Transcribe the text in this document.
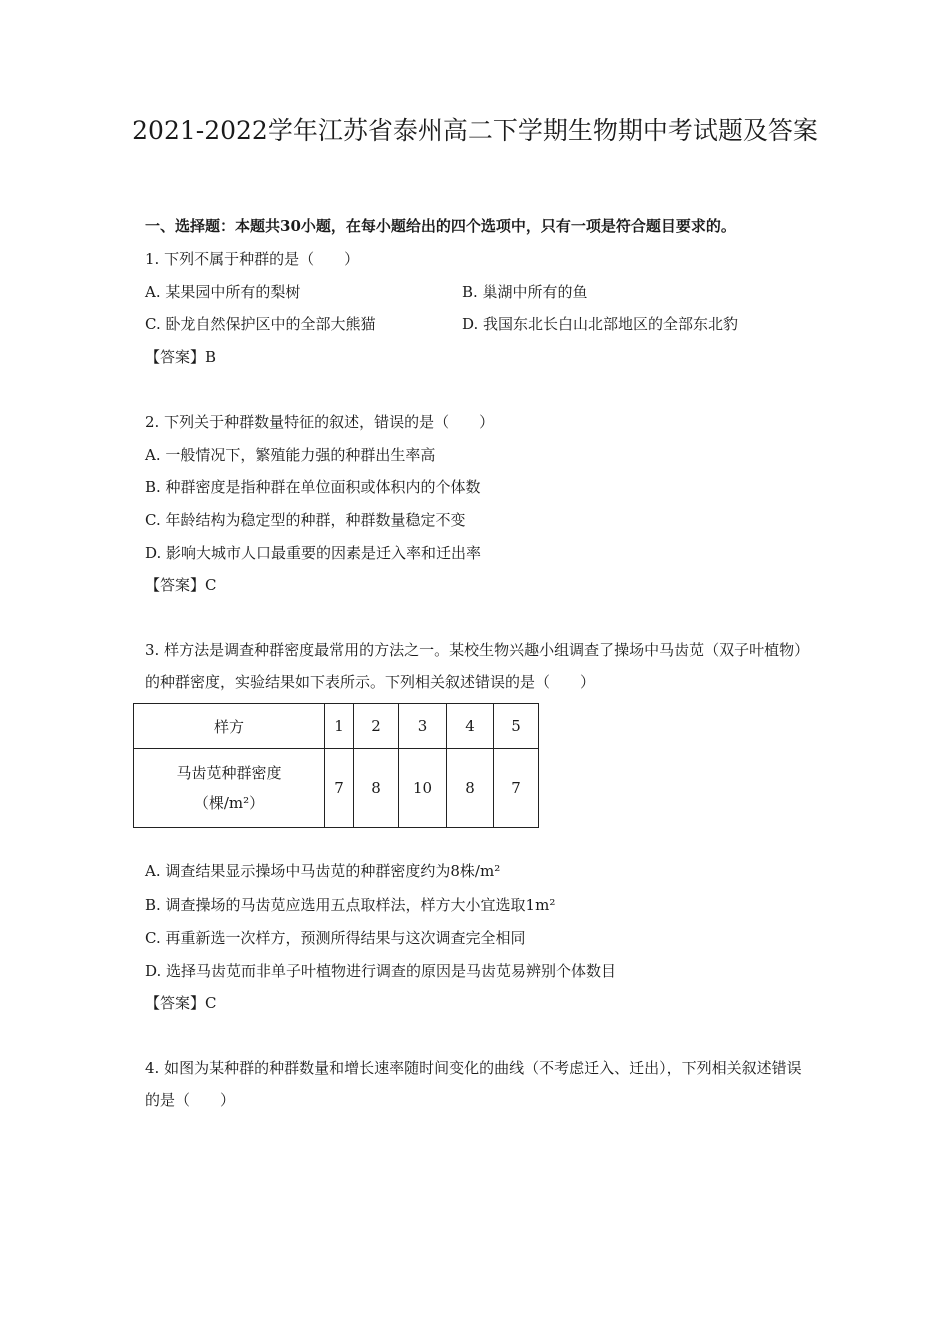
2021-2022学年江苏省泰州高二下学期生物期中考试题及答案
一、选择题：本题共30小题，在每小题给出的四个选项中，只有一项是符合题目要求的。
1. 下列不属于种群的是（　　）
A. 某果园中所有的梨树	B. 巢湖中所有的鱼
C. 卧龙自然保护区中的全部大熊猫	D. 我国东北长白山北部地区的全部东北豹
【答案】B
2. 下列关于种群数量特征的叙述，错误的是（　　）
A. 一般情况下，繁殖能力强的种群出生率高
B. 种群密度是指种群在单位面积或体积内的个体数
C. 年龄结构为稳定型的种群，种群数量稳定不变
D. 影响大城市人口最重要的因素是迁入率和迁出率
【答案】C
3. 样方法是调查种群密度最常用的方法之一。某校生物兴趣小组调查了操场中马齿苋（双子叶植物）的种群密度，实验结果如下表所示。下列相关叙述错误的是（　　）
样方	1	2	3	4	5
马齿苋种群密度（棵/m²）	7	8	10	8	7
A. 调查结果显示操场中马齿苋的种群密度约为8株/m²
B. 调查操场的马齿苋应选用五点取样法，样方大小宜选取1m²
C. 再重新选一次样方，预测所得结果与这次调查完全相同
D. 选择马齿苋而非单子叶植物进行调查的原因是马齿苋易辨别个体数目
【答案】C
4. 如图为某种群的种群数量和增长速率随时间变化的曲线（不考虑迁入、迁出），下列相关叙述错误的是（　　）
